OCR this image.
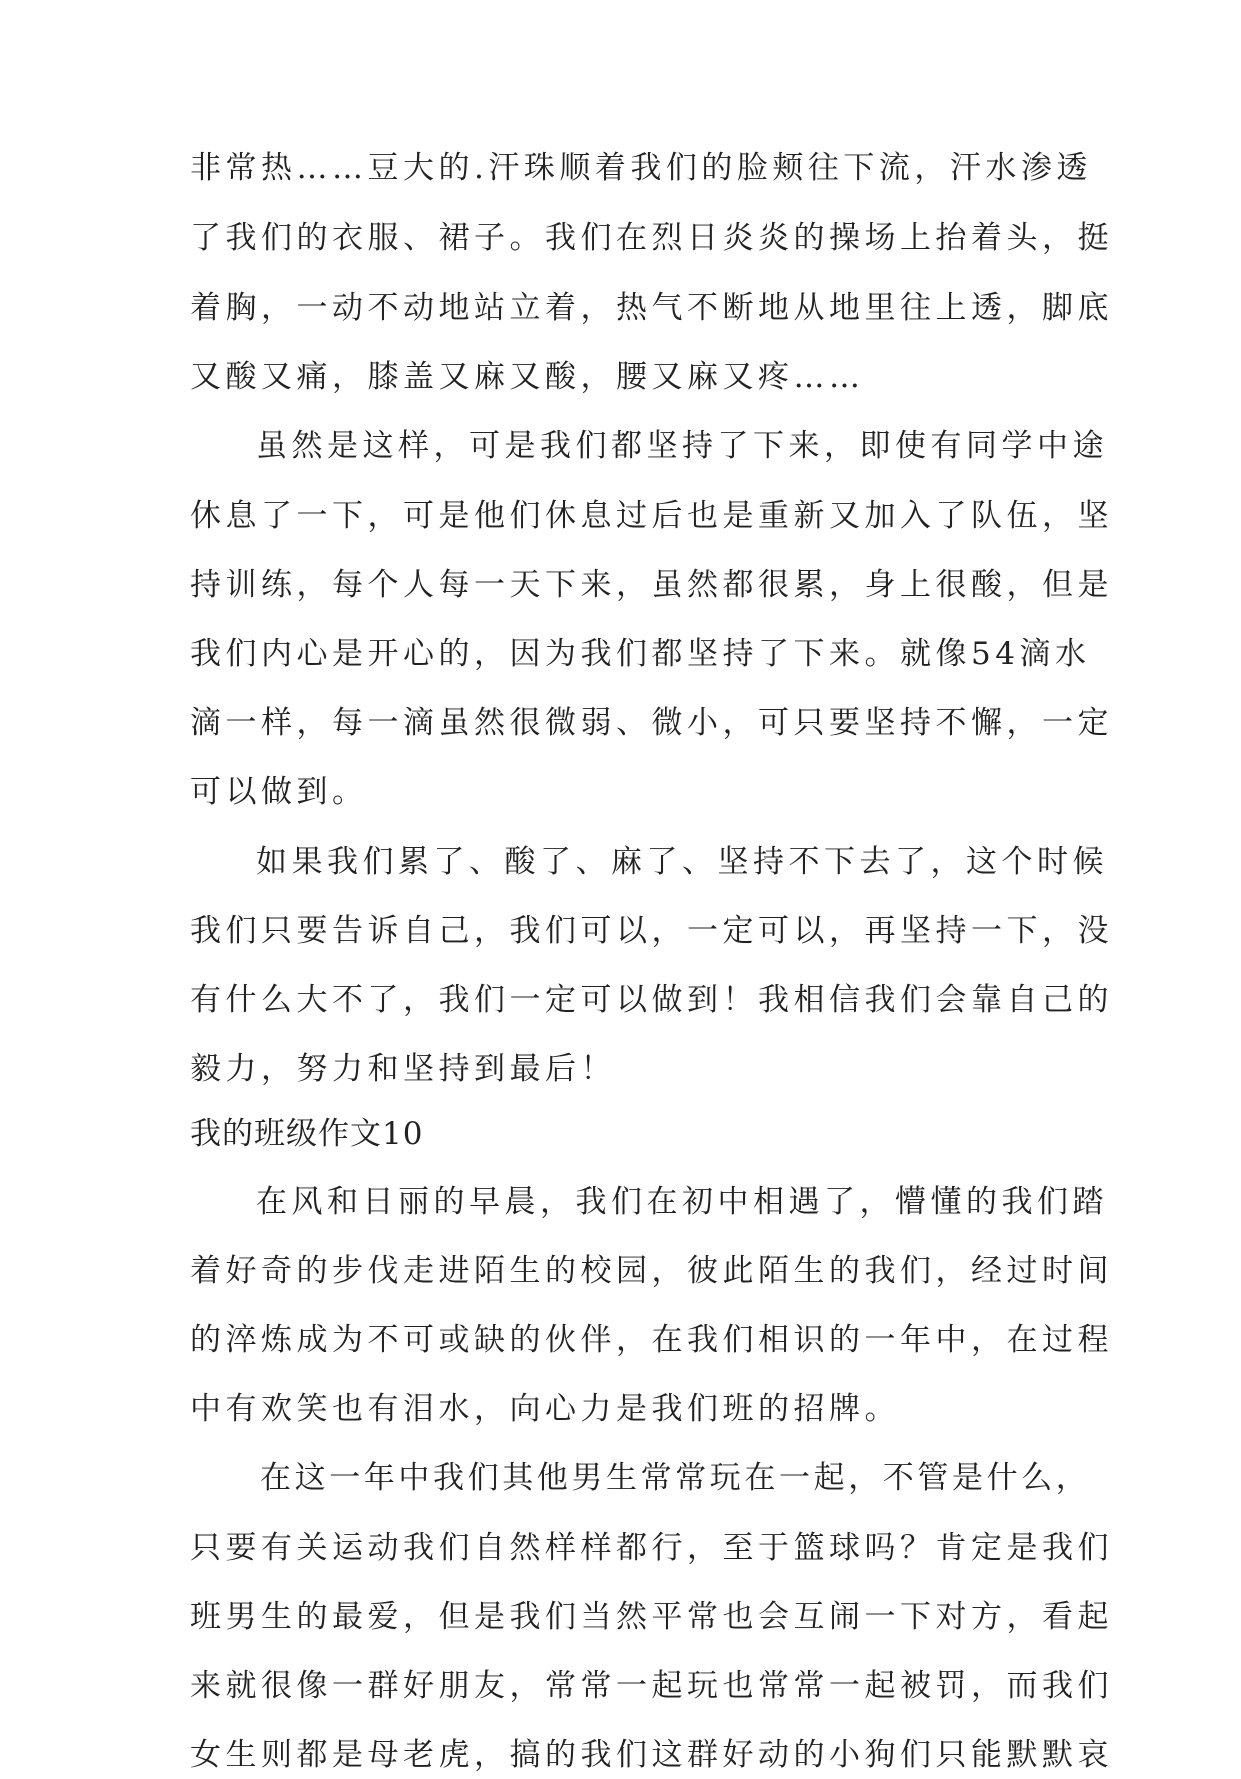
非常热……豆大的.汗珠顺着我们的脸颊往下流，汗水渗透
了我们的衣服、裙子。我们在烈日炎炎的操场上抬着头，挺
着胸，一动不动地站立着，热气不断地从地里往上透，脚底
又酸又痛，膝盖又麻又酸，腰又麻又疼……
虽然是这样，可是我们都坚持了下来，即使有同学中途
休息了一下，可是他们休息过后也是重新又加入了队伍，坚
持训练，每个人每一天下来，虽然都很累，身上很酸，但是
我们内心是开心的，因为我们都坚持了下来。就像54滴水
滴一样，每一滴虽然很微弱、微小，可只要坚持不懈，一定
可以做到。
如果我们累了、酸了、麻了、坚持不下去了，这个时候
我们只要告诉自己，我们可以，一定可以，再坚持一下，没
有什么大不了，我们一定可以做到！我相信我们会靠自己的
毅力，努力和坚持到最后！
我的班级作文10
在风和日丽的早晨，我们在初中相遇了，懵懂的我们踏
着好奇的步伐走进陌生的校园，彼此陌生的我们，经过时间
的淬炼成为不可或缺的伙伴，在我们相识的一年中，在过程
中有欢笑也有泪水，向心力是我们班的招牌。
在这一年中我们其他男生常常玩在一起，不管是什么，
只要有关运动我们自然样样都行，至于篮球吗？肯定是我们
班男生的最爱，但是我们当然平常也会互闹一下对方，看起
来就很像一群好朋友，常常一起玩也常常一起被罚，而我们
女生则都是母老虎，搞的我们这群好动的小狗们只能默默哀
